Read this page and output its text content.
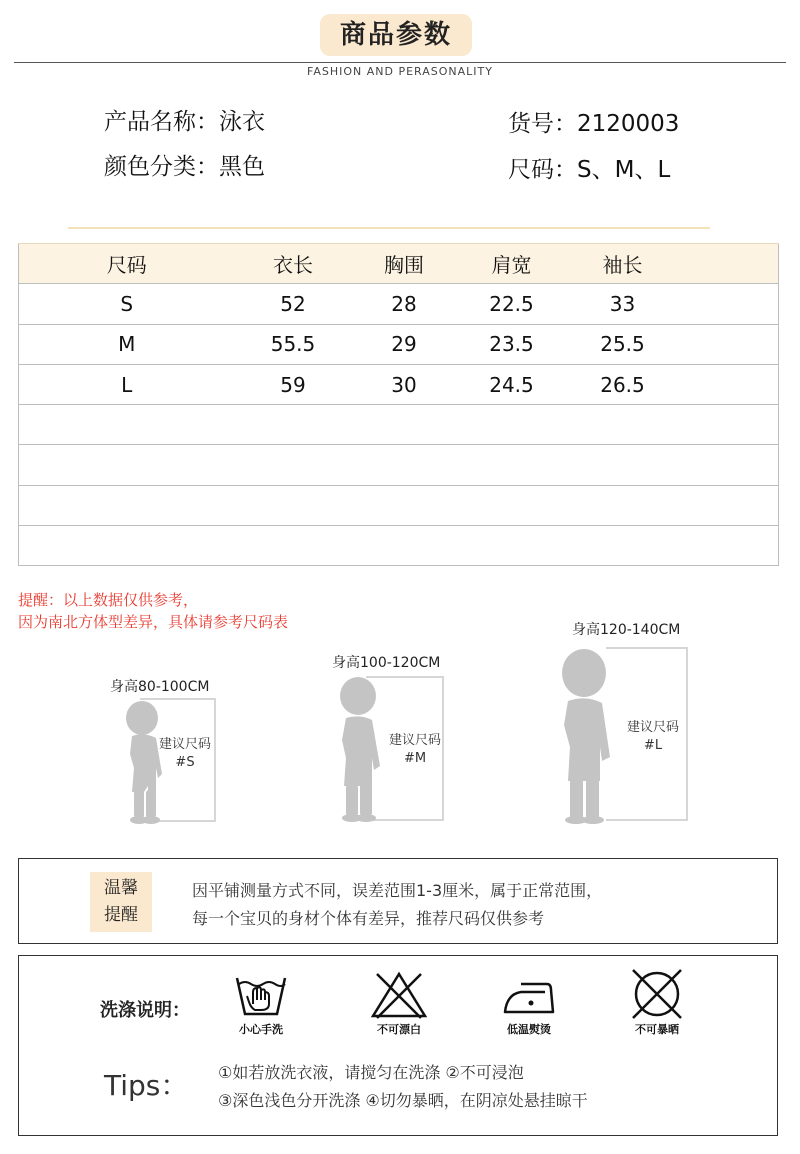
商品参数
FASHION AND PERASONALITY
产品名称：泳衣
颜色分类：黑色
货号：2120003
尺码：S、M、L
尺码	衣长	胸围	肩宽	袖长	
S	52	28	22.5	33	
M	55.5	29	23.5	25.5	
L	59	30	24.5	26.5	

提醒：以上数据仅供参考，
因为南北方体型差异，具体请参考尺码表
身高80-100CM
建议尺码
#S
身高100-120CM
建议尺码
#M
身高120-140CM
建议尺码
#L
温馨
提醒
因平铺测量方式不同，误差范围1-3厘米，属于正常范围，
每一个宝贝的身材个体有差异，推荐尺码仅供参考
洗涤说明：
小心手洗	不可漂白	低温熨烫	不可暴晒
Tips： ①如若放洗衣液，请搅匀在洗涤 ②不可浸泡
③深色浅色分开洗涤 ④切勿暴晒，在阴凉处悬挂晾干
